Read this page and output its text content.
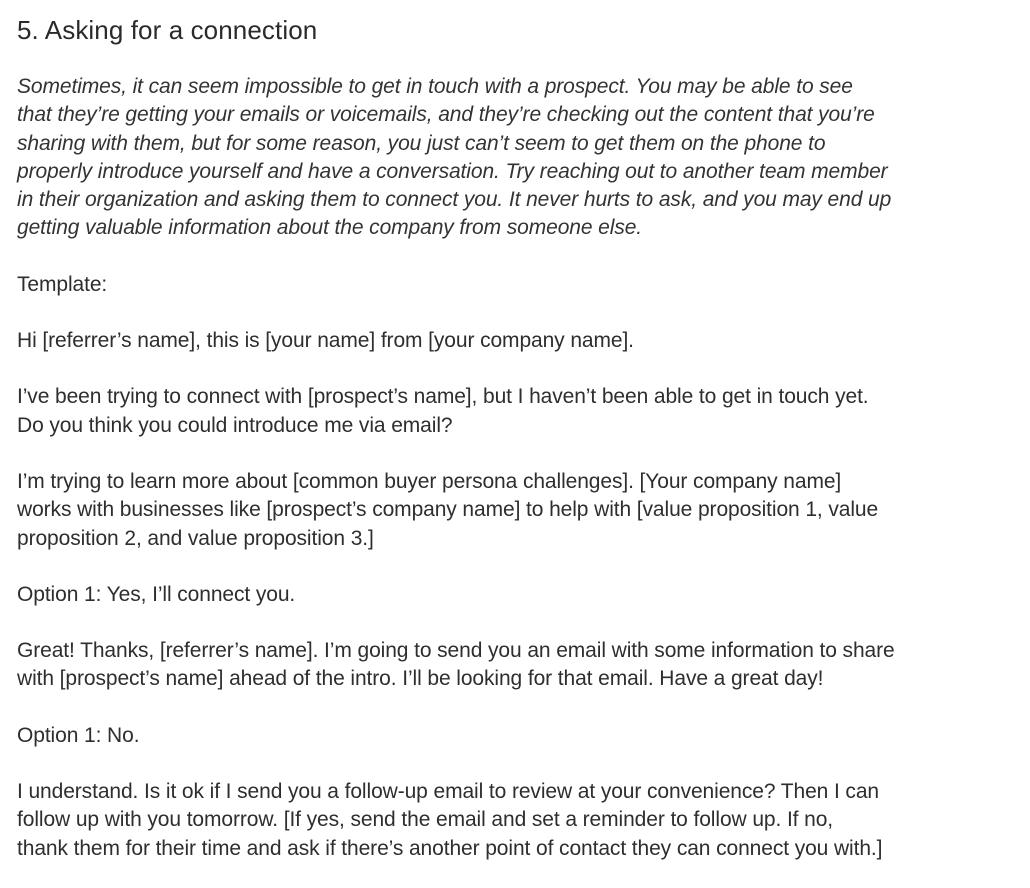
5. Asking for a connection

Sometimes, it can seem impossible to get in touch with a prospect. You may be able to see
that they’re getting your emails or voicemails, and they’re checking out the content that you’re
sharing with them, but for some reason, you just can’t seem to get them on the phone to
properly introduce yourself and have a conversation. Try reaching out to another team member
in their organization and asking them to connect you. It never hurts to ask, and you may end up
getting valuable information about the company from someone else.

Template:

Hi [referrer’s name], this is [your name] from [your company name].

I’ve been trying to connect with [prospect’s name], but I haven’t been able to get in touch yet.
Do you think you could introduce me via email?

I’m trying to learn more about [common buyer persona challenges]. [Your company name]
works with businesses like [prospect’s company name] to help with [value proposition 1, value
proposition 2, and value proposition 3.]

Option 1: Yes, I’ll connect you.

Great! Thanks, [referrer’s name]. I’m going to send you an email with some information to share
with [prospect’s name] ahead of the intro. I’ll be looking for that email. Have a great day!

Option 1: No.

I understand. Is it ok if I send you a follow-up email to review at your convenience? Then I can
follow up with you tomorrow. [If yes, send the email and set a reminder to follow up. If no,
thank them for their time and ask if there’s another point of contact they can connect you with.]
